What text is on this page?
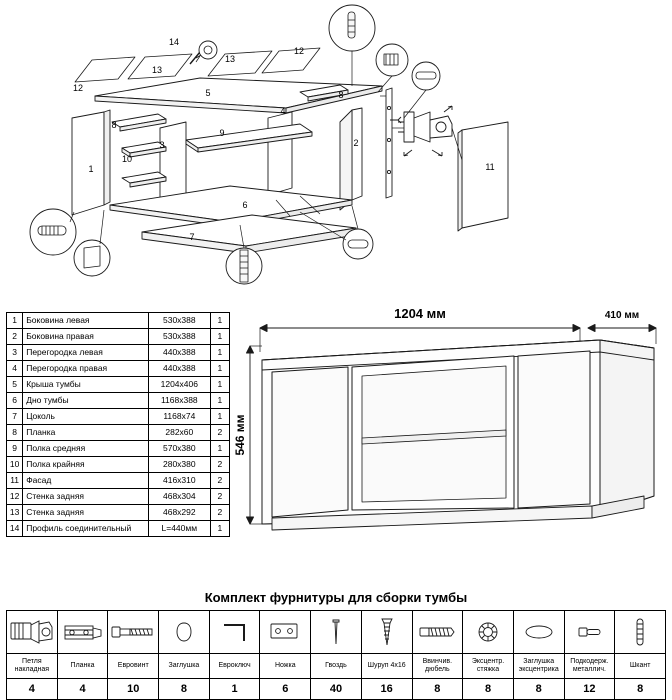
1
2
3
4
5
6
7
8
8
9
10
11
12
12
13
13
14
1	Боковина левая	530х388	1
2	Боковина правая	530х388	1
3	Перегородка левая	440х388	1
4	Перегородка правая	440х388	1
5	Крыша тумбы	1204х406	1
6	Дно тумбы	1168х388	1
7	Цоколь	1168х74	1
8	Планка	282х60	2
9	Полка средняя	570х380	1
10	Полка крайняя	280х380	2
11	Фасад	416х310	2
12	Стенка задняя	468х304	2
13	Стенка задняя	468х292	2
14	Профиль соединительный	L=440мм	1
1204 мм	410 мм
546 мм
Комплект фурнитуры для сборки тумбы

Петля накладная	Планка	Евровинт	Заглушка	Евроключ	Ножка	Гвоздь	Шуруп 4х16	Ввинчив. дюбель	Эксцентр. стяжка	Заглушка эксцентрика	Подкодерж. металлич.	Шкант
4	4	10	8	1	6	40	16	8	8	8	12	8
